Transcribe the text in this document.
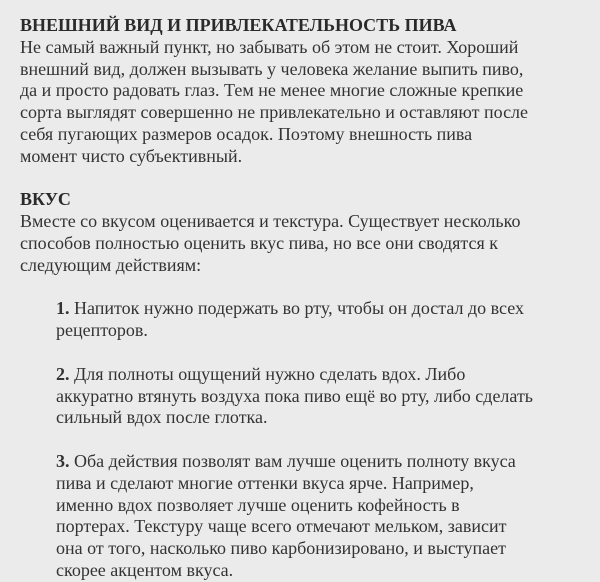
ВНЕШНИЙ ВИД И ПРИВЛЕКАТЕЛЬНОСТЬ ПИВА

Не самый важный пункт, но забывать об этом не стоит. Хороший
внешний вид, должен вызывать у человека желание выпить пиво,
да и просто радовать глаз. Тем не менее многие сложные крепкие
сорта выглядят совершенно не привлекательно и оставляют после
себя пугающих размеров осадок. Поэтому внешность пива
момент чисто субъективный.

ВКУС

Вместе со вкусом оценивается и текстура. Существует несколько
способов полностью оценить вкус пива, но все они сводятся к
следующим действиям:

1. Напиток нужно подержать во рту, чтобы он достал до всех
рецепторов.
2. Для полноты ощущений нужно сделать вдох. Либо
аккуратно втянуть воздуха пока пиво ещё во рту, либо сделать
сильный вдох после глотка.
3. Оба действия позволят вам лучше оценить полноту вкуса
пива и сделают многие оттенки вкуса ярче. Например,
именно вдох позволяет лучше оценить кофейность в
портерах. Текстуру чаще всего отмечают мельком, зависит
она от того, насколько пиво карбонизировано, и выступает
скорее акцентом вкуса.
